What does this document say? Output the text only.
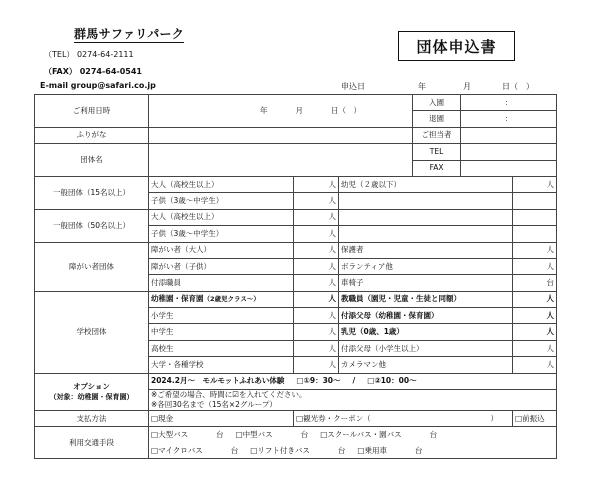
群馬サファリパーク
（TEL） 0274-64-2111
（FAX） 0274-64-0541
E-mail group@safari.co.jp
団体申込書
申込日	年	月	日（　）
ご利用日時	年 月 日（　）			入園	：	
				退園	：	
ふりがな				ご担当者		
団体名				TEL		
				FAX		
一般団体（15名以上）	大人（高校生以上）	人	幼児（２歳以下）			人
	子供（3歳～中学生）	人				
一般団体（50名以上）	大人（高校生以上）	人				
	子供（3歳～中学生）	人				
障がい者団体	障がい者（大人）	人	保護者			人
	障がい者（子供）	人	ボランティア他			人
	付添職員	人	車椅子			台
学校団体	幼稚園・保育園（2歳児クラス～）	人	教職員（園児・児童・生徒と同額）			人
	小学生	人	付添父母（幼稚園・保育園）			人
	中学生	人	乳児（0歳、1歳）			人
	高校生	人	付添父母（小学生以上）			人
	大学・各種学校	人	カメラマン他			人

オプション
（対象：幼稚園・保育園）	2024.2月～　モルモットふれあい体験 □①9：30～ / □②10：00～					

	※ご希望の場合、時間に☑を入れてください。
※各回30名まで（15名×2グループ）					

支払方法	□現金	□観光券・クーポン（ ）				□前振込
利用交通手段	□大型バス 台 □中型バス 台 □スクールバス・園バス 台					
	□マイクロバス 台 □リフト付きバス 台 □乗用車 台					
